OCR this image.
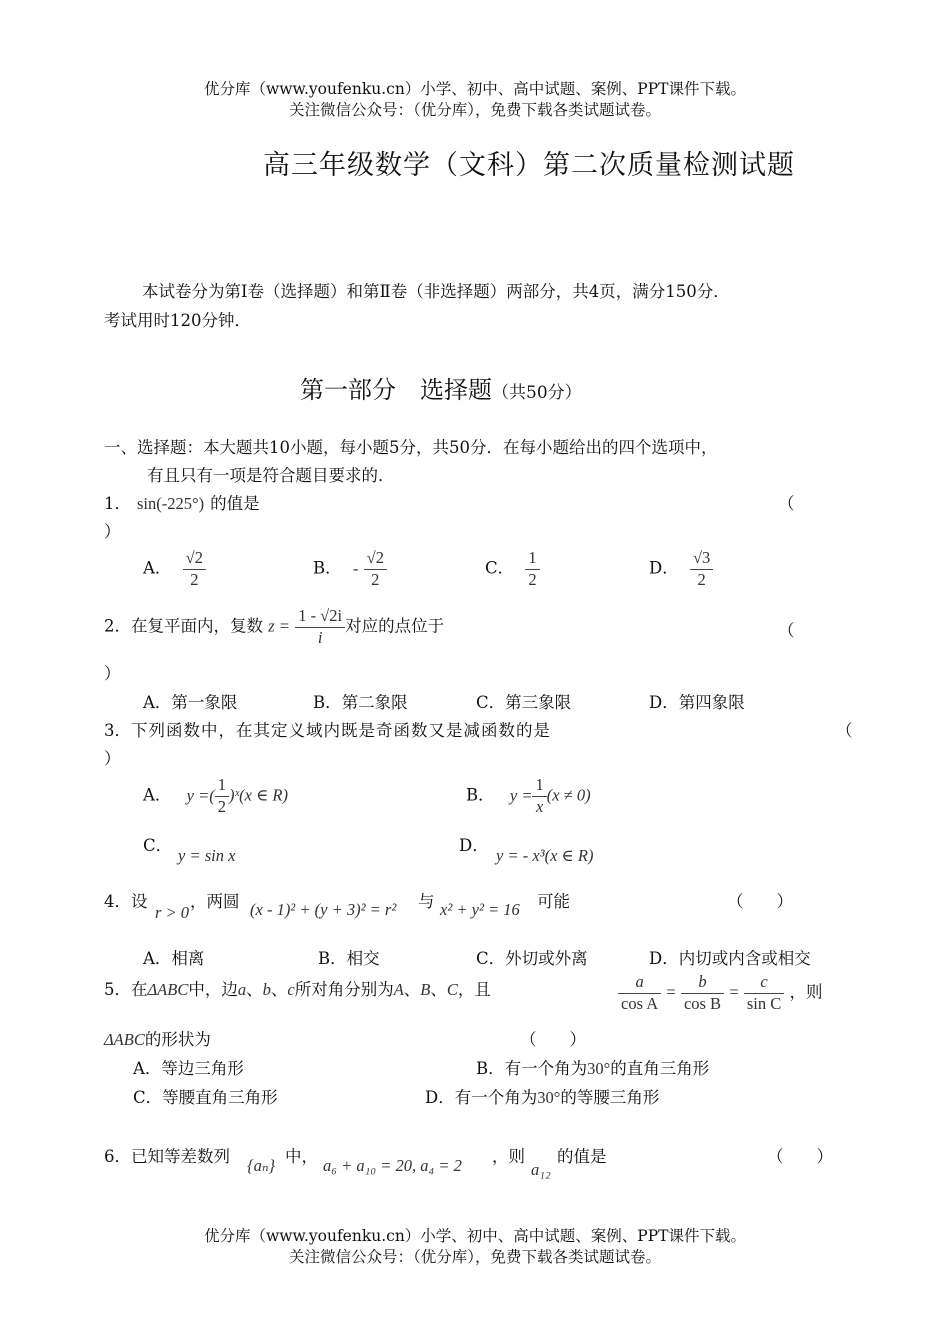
优分库（www.youfenku.cn）小学、初中、高中试题、案例、PPT课件下载。
关注微信公众号：（优分库），免费下载各类试题试卷。
高三年级数学（文科）第二次质量检测试题
本试卷分为第Ⅰ卷（选择题）和第Ⅱ卷（非选择题）两部分，共4页，满分150分．
考试用时120分钟．
第一部分　选择题（共50分）
一、选择题：本大题共10小题，每小题5分，共50分．在每小题给出的四个选项中，
有且只有一项是符合题目要求的．
1． sin(-225°) 的值是	（
）
A． $\frac{√2}{2}$	B． - $\frac{√2}{2}$	C． $\frac{1}{2}$	D． $\frac{√3}{2}$
2．在复平面内，复数 $z = \frac{1 - √2i}{i}$ 对应的点位于	（
）
A．第一象限	B．第二象限	C．第三象限	D．第四象限
3．下列函数中，在其定义域内既是奇函数又是减函数的是	（
）
A． y =( $\frac{1}{2}$ )ˣ(x ∈ R)	B． $y = \frac{1}{x} (x \ne 0)$
C．
y = sin x
D．
y = - x³(x ∈ R)
4．设
r > 0
，两圆 (x - 1)² + (y + 3)² = r² 与 x² + y² = 16 可能	（　　）
A．相离	B．相交	C．外切或外离	D．内切或内含或相交
5．在ΔABC中，边a、b、c所对角分别为A、B、C，且	$\frac{a}{\text{cos A}} = \frac{b}{\text{cos B}} = \frac{c}{\text{sin C}}$ ，则
ΔABC的形状为	（　　）
A．等边三角形	B．有一个角为30°的直角三角形
C．等腰直角三角形	D．有一个角为30°的等腰三角形
6．已知等差数列 {aₙ} 中， a₆ + a₁₀ = 20, a₄ = 2 ，则
a₁₂
的值是	（　　）
优分库（www.youfenku.cn）小学、初中、高中试题、案例、PPT课件下载。
关注微信公众号：（优分库），免费下载各类试题试卷。
